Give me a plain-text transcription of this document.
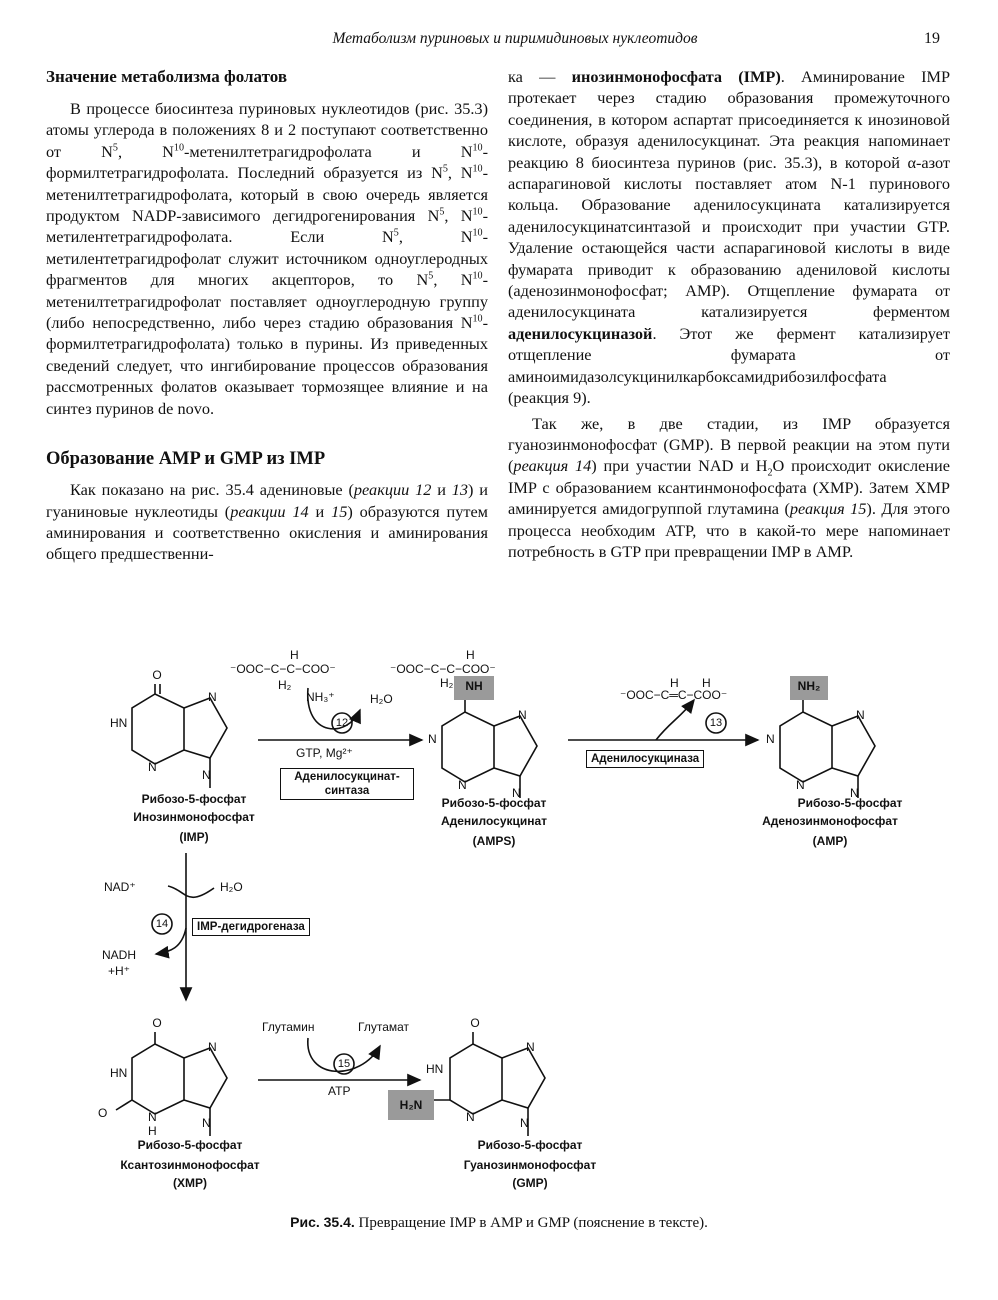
Метаболизм пуриновых и пиримидиновых нуклеотидов	19
Значение метаболизма фолатов

В процессе биосинтеза пуриновых нуклеотидов (рис. 35.3) атомы углерода в положениях 8 и 2 поступают соответственно от $N^5$, $N^{10}$-метенилтетрагидрофолата и $N^{10}$-формилтетрагидрофолата. Последний образуется из $N^5$, $N^{10}$-метенилтетрагидрофолата, который в свою очередь является продуктом NADP-зависимого дегидрогенирования $N^5$, $N^{10}$-метилентетрагидрофолата. Если $N^5$, $N^{10}$-метилентетрагидрофолат служит источником одноуглеродных фрагментов для многих акцепторов, то $N^5$, $N^{10}$-метенилтетрагидрофолат поставляет одноуглеродную группу (либо непосредственно, либо через стадию образования $N^{10}-формилтетрагидрофолата$) только в пурины. Из приведенных сведений следует, что ингибирование процессов образования рассмотренных фолатов оказывает тормозящее влияние и на синтез пуринов de novo.

Образование AMP и GMP из IMP

Как показано на рис. 35.4 адениновые (реакции 12 и 13) и гуаниновые нуклеотиды (реакции 14 и 15) образуются путем аминирования и соответственно окисления и аминирования общего предшественни-

ка — инозинмонофосфата (IMP). Аминирование IMP протекает через стадию образования промежуточного соединения, в котором аспартат присоединяется к инозиновой кислоте, образуя аденилосукцинат. Эта реакция напоминает реакцию 8 биосинтеза пуринов (рис. 35.3), в которой α-азот аспарагиновой кислоты поставляет атом N-1 пуринового кольца. Образование аденилосукцината катализируется аденилосукцинатсинтазой и происходит при участии GTP. Удаление остающейся части аспарагиновой кислоты в виде фумарата приводит к образованию адениловой кислоты (аденозинмонофосфат; AMP). Отщепление фумарата от аденилосукцината катализируется ферментом аденилосукциназой. Этот же фермент катализирует отщепление фумарата от аминоимидазолсукцинилкарбоксамидрибозилфосфата (реакция 9).

Так же, в две стадии, из IMP образуется гуанозинмонофосфат (GMP). В первой реакции на этом пути (реакция 14) при участии NAD и $H_2O$ происходит окисление IMP с образованием ксантинмонофосфата (XMP). Затем XMP аминируется амидогруппой глутамина (реакция 15). Для этого процесса необходим ATP, что в какой-то мере напоминает потребность в GTP при превращении IMP в AMP.

NH	NH₂
H₂N
12	13
14
15
O
HN
N
N
N
N
N
N
N
N
N
N
N
O
HN
O	N
H
N
N
O
HN
N
N	N
H
⁻OOC−C−C−COO⁻
H₂
NH₃⁺	H₂O
GTP, Mg²⁺
Аденилосукцинат-
синтаза
H
⁻OOC−C−C−COO⁻
H₂	H H
⁻OOC−C═C−COO⁻
Аденилосукциназа
Рибозо-5-фосфат
Инозинмонофосфат
(IMP)
Рибозо-5-фосфат
Аденилосукцинат
(AMPS)
Рибозо-5-фосфат
Аденозинмонофосфат
(AMP)
NAD⁺	H₂O
IMP-дегидрогеназа
NADH
+H⁺
Глутамин	Глутамат
ATP
Рибозо-5-фосфат
Ксантозинмонофосфат
(XMP)
Рибозо-5-фосфат
Гуанозинмонофосфат
(GMP)
Рис. 35.4. Превращение IMP в AMP и GMP (пояснение в тексте).
